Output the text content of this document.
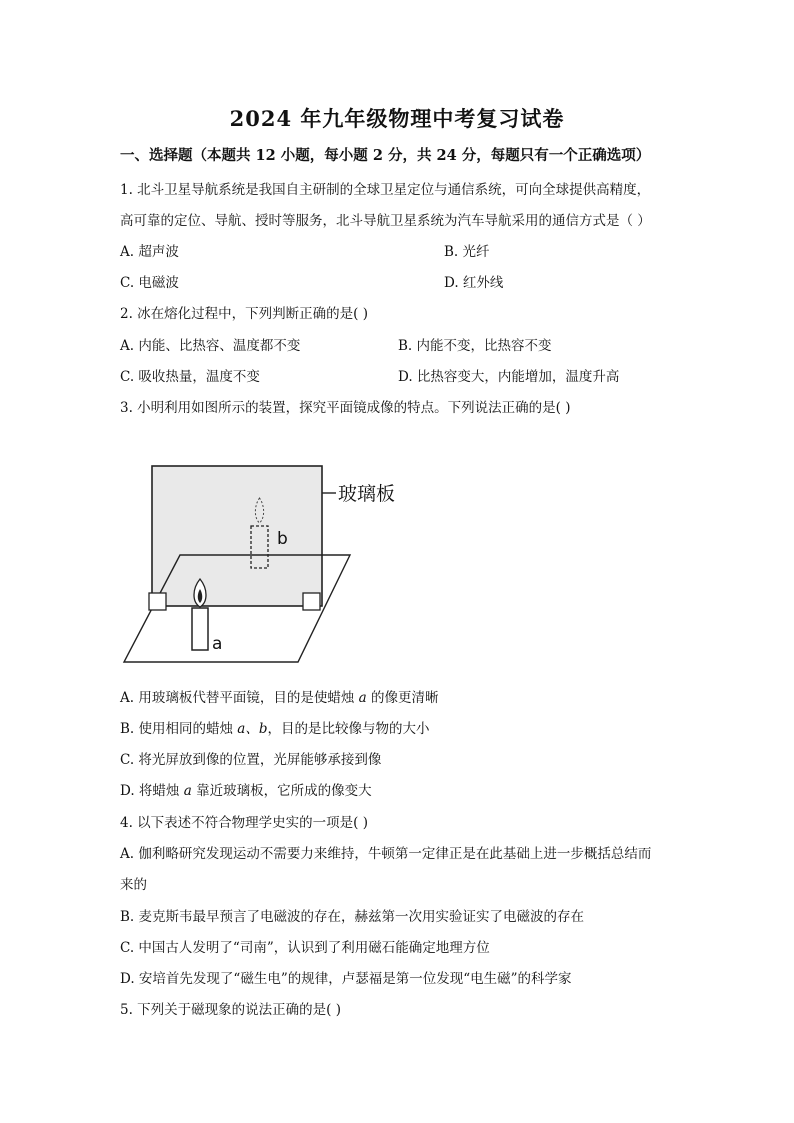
2024 年九年级物理中考复习试卷
一、选择题（本题共 12 小题，每小题 2 分，共 24 分，每题只有一个正确选项）
1. 北斗卫星导航系统是我国自主研制的全球卫星定位与通信系统，可向全球提供高精度，
高可靠的定位、导航、授时等服务，北斗导航卫星系统为汽车导航采用的通信方式是（ ）
A. 超声波	B. 光纤
C. 电磁波	D. 红外线
2. 冰在熔化过程中，下列判断正确的是( )
A. 内能、比热容、温度都不变	B. 内能不变，比热容不变
C. 吸收热量，温度不变	D. 比热容变大，内能增加，温度升高
3. 小明利用如图所示的装置，探究平面镜成像的特点。下列说法正确的是( )
玻璃板
b
a
A. 用玻璃板代替平面镜，目的是使蜡烛 a 的像更清晰
B. 使用相同的蜡烛 a、b，目的是比较像与物的大小
C. 将光屏放到像的位置，光屏能够承接到像
D. 将蜡烛 a 靠近玻璃板，它所成的像变大
4. 以下表述不符合物理学史实的一项是( )
A. 伽利略研究发现运动不需要力来维持，牛顿第一定律正是在此基础上进一步概括总结而
来的
B. 麦克斯韦最早预言了电磁波的存在，赫兹第一次用实验证实了电磁波的存在
C. 中国古人发明了“司南”，认识到了利用磁石能确定地理方位
D. 安培首先发现了“磁生电”的规律，卢瑟福是第一位发现“电生磁”的科学家
5. 下列关于磁现象的说法正确的是( )
